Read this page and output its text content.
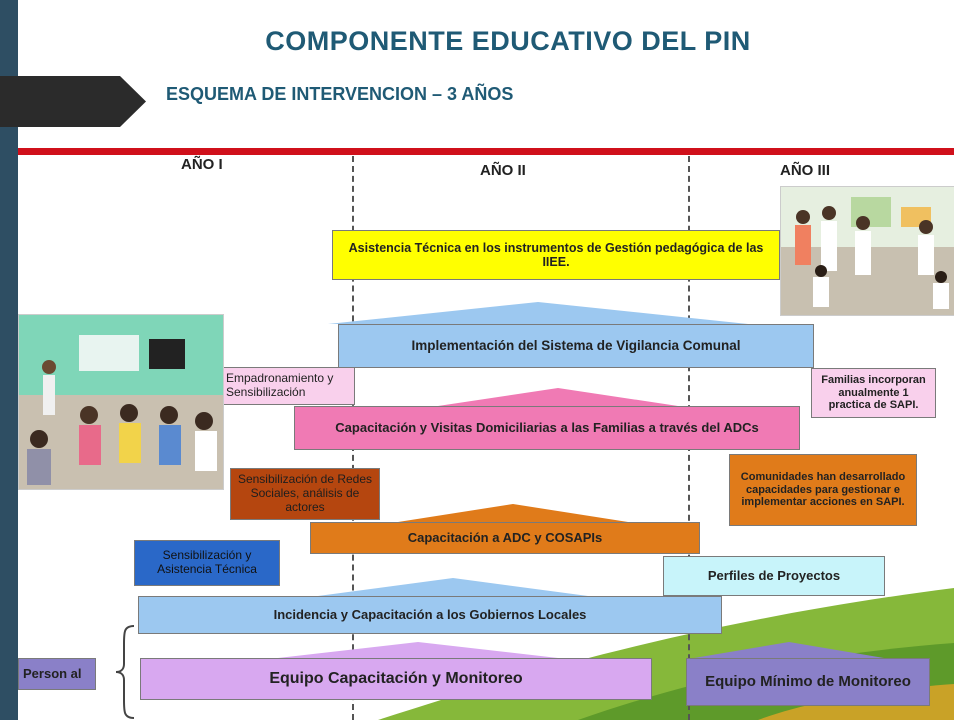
COMPONENTE EDUCATIVO DEL PIN
ESQUEMA DE INTERVENCION – 3 AÑOS
AÑO I	AÑO II	AÑO III
Asistencia Técnica en los instrumentos de Gestión pedagógica de las IIEE.
Implementación del Sistema de Vigilancia Comunal
Empadronamiento y Sensibilización
Familias incorporan anualmente 1 practica de SAPI.
Capacitación y Visitas Domiciliarias a las Familias a través del ADCs
Sensibilización de Redes Sociales, análisis de actores
Comunidades han desarrollado capacidades para gestionar e implementar acciones en SAPI.
Capacitación a ADC y COSAPIs
Sensibilización y Asistencia Técnica	Perfiles de Proyectos
Incidencia y Capacitación a los Gobiernos Locales
Person al	Equipo Capacitación y Monitoreo	Equipo Mínimo de Monitoreo
